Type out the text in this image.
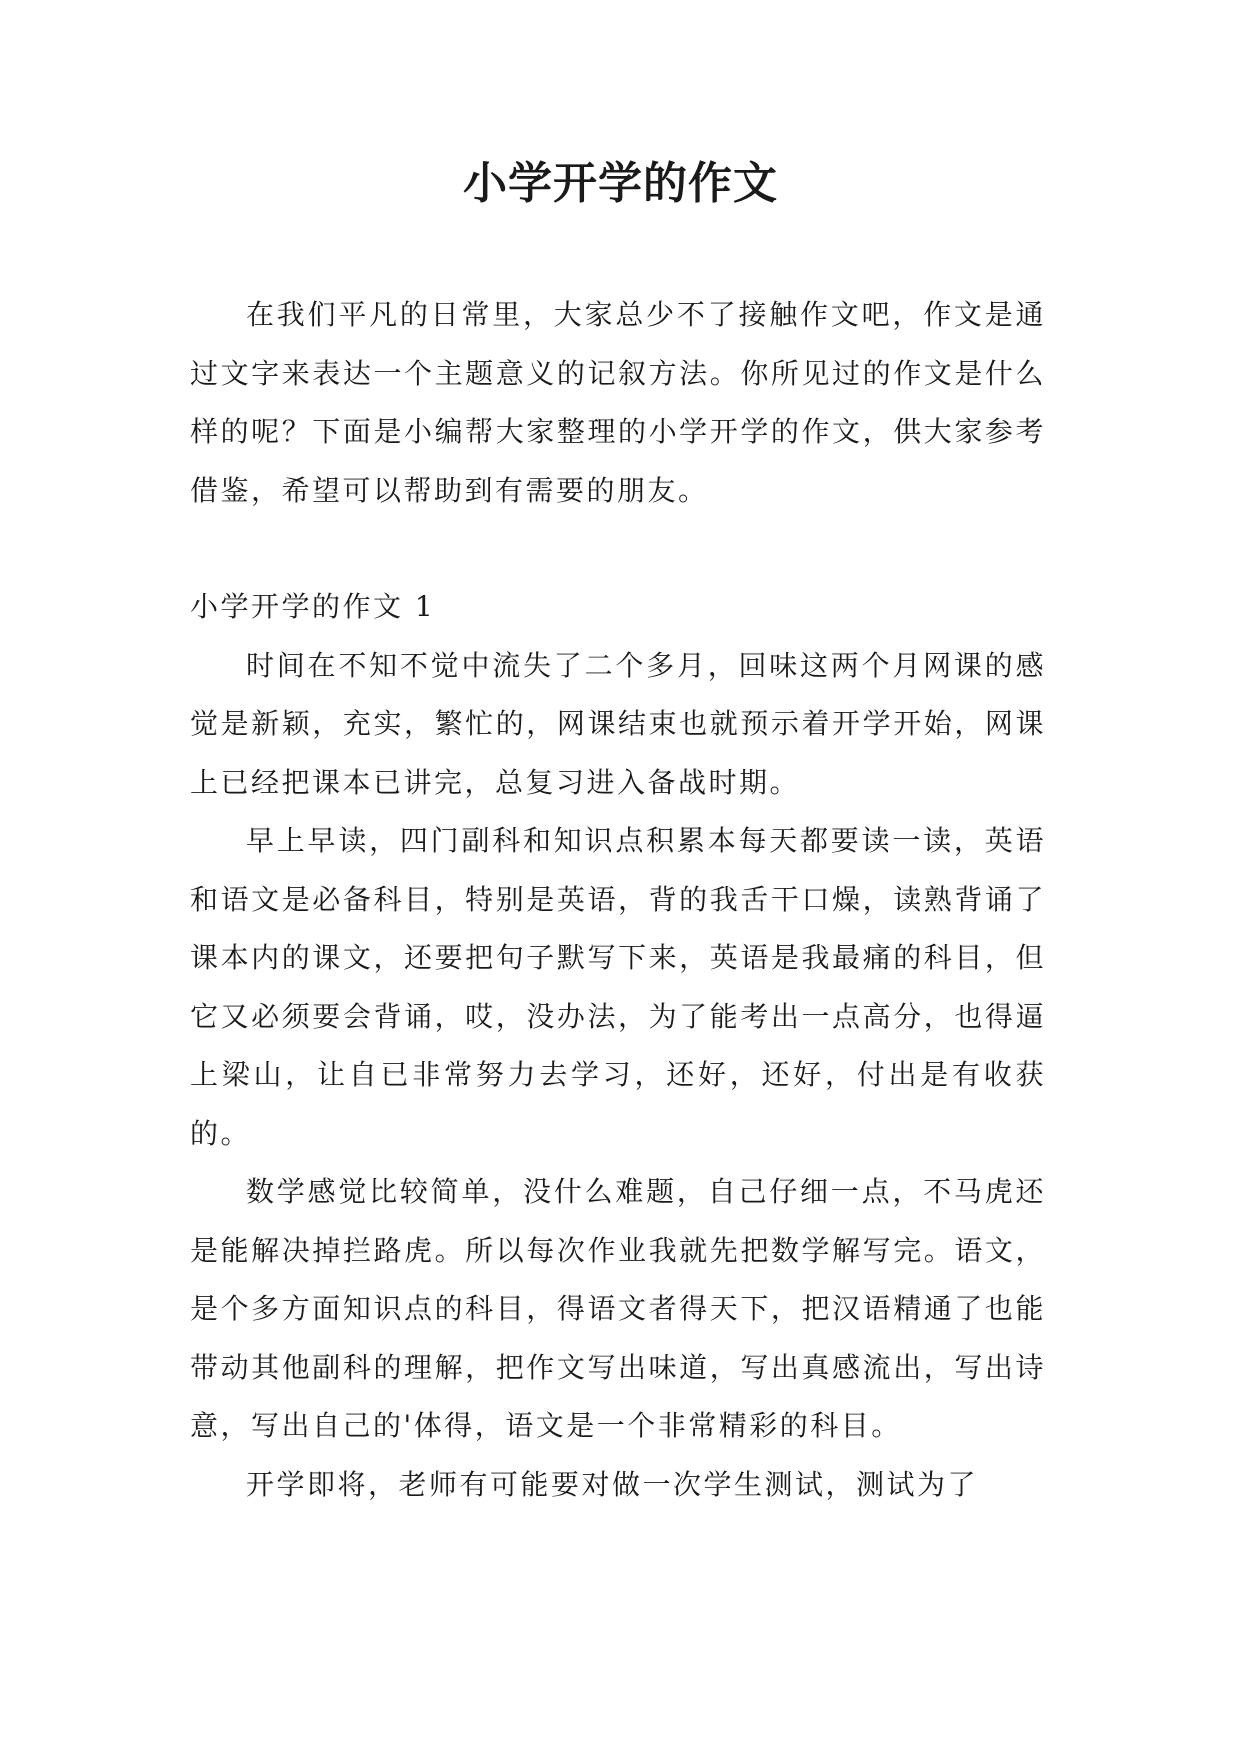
小学开学的作文

在我们平凡的日常里，大家总少不了接触作文吧，作文是通过文字来表达一个主题意义的记叙方法。你所见过的作文是什么样的呢？下面是小编帮大家整理的小学开学的作文，供大家参考借鉴，希望可以帮助到有需要的朋友。

小学开学的作文 1

时间在不知不觉中流失了二个多月，回味这两个月网课的感觉是新颖，充实，繁忙的，网课结束也就预示着开学开始，网课上已经把课本已讲完，总复习进入备战时期。

早上早读，四门副科和知识点积累本每天都要读一读，英语和语文是必备科目，特别是英语，背的我舌干口燥，读熟背诵了课本内的课文，还要把句子默写下来，英语是我最痛的科目，但它又必须要会背诵，哎，没办法，为了能考出一点高分，也得逼上梁山，让自已非常努力去学习，还好，还好，付出是有收获的。

数学感觉比较简单，没什么难题，自己仔细一点，不马虎还是能解决掉拦路虎。所以每次作业我就先把数学解写完。语文，是个多方面知识点的科目，得语文者得天下，把汉语精通了也能带动其他副科的理解，把作文写出味道，写出真感流出，写出诗意，写出自己的'体得，语文是一个非常精彩的科目。

开学即将，老师有可能要对做一次学生测试，测试为了
